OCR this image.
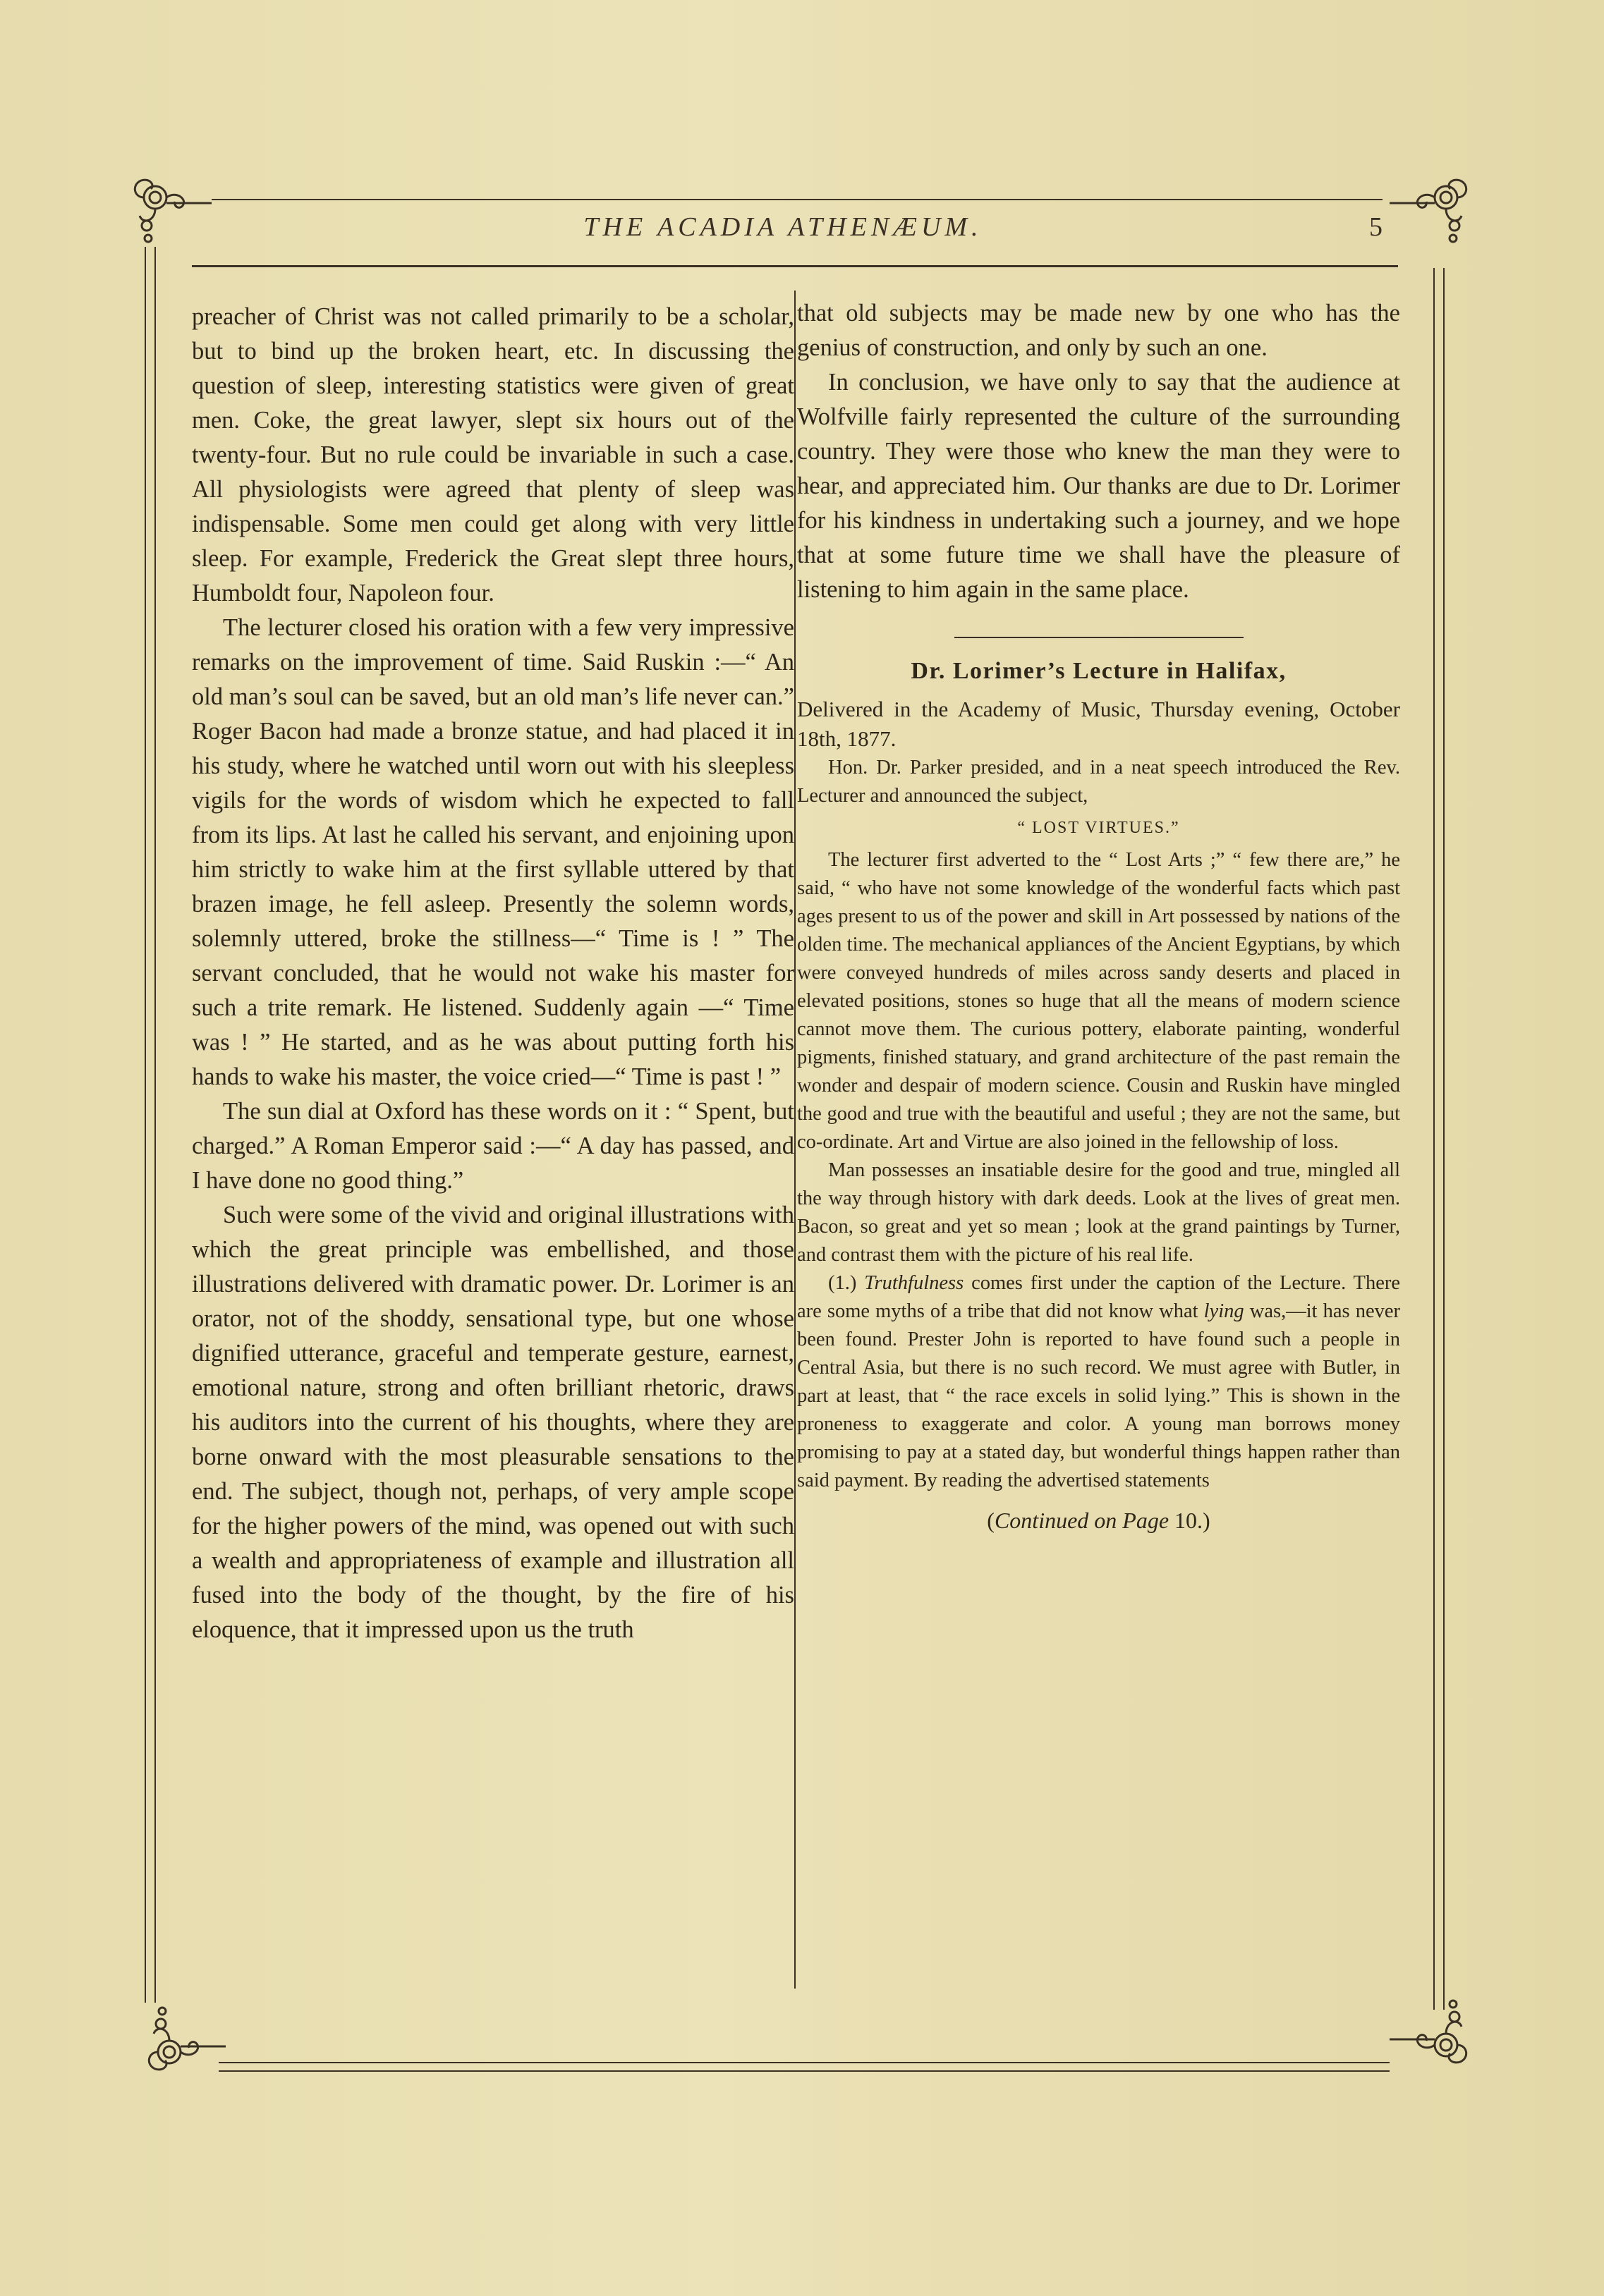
THE ACADIA ATHENÆUM.	5

preacher of Christ was not called primarily to be a scholar, but to bind up the broken heart, etc. In discussing the question of sleep, interesting statistics were given of great men. Coke, the great lawyer, slept six hours out of the twenty-four. But no rule could be invariable in such a case. All physiologists were agreed that plenty of sleep was indispensable. Some men could get along with very little sleep. For example, Frederick the Great slept three hours, Humboldt four, Napoleon four.

The lecturer closed his oration with a few very impressive remarks on the improvement of time. Said Ruskin :—“ An old man’s soul can be saved, but an old man’s life never can.” Roger Bacon had made a bronze statue, and had placed it in his study, where he watched until worn out with his sleepless vigils for the words of wisdom which he expected to fall from its lips. At last he called his servant, and enjoining upon him strictly to wake him at the first syllable uttered by that brazen image, he fell asleep. Presently the solemn words, solemnly uttered, broke the stillness—“ Time is ! ” The servant concluded, that he would not wake his master for such a trite remark. He listened. Suddenly again —“ Time was ! ” He started, and as he was about putting forth his hands to wake his master, the voice cried—“ Time is past ! ”

The sun dial at Oxford has these words on it : “ Spent, but charged.” A Roman Emperor said :—“ A day has passed, and I have done no good thing.”

Such were some of the vivid and original illustrations with which the great principle was embellished, and those illustrations delivered with dramatic power. Dr. Lorimer is an orator, not of the shoddy, sensational type, but one whose dignified utterance, graceful and temperate gesture, earnest, emotional nature, strong and often brilliant rhetoric, draws his auditors into the current of his thoughts, where they are borne onward with the most pleasurable sensations to the end. The subject, though not, perhaps, of very ample scope for the higher powers of the mind, was opened out with such a wealth and appropriateness of example and illustration all fused into the body of the thought, by the fire of his eloquence, that it impressed upon us the truth

that old subjects may be made new by one who has the genius of construction, and only by such an one.

In conclusion, we have only to say that the audience at Wolfville fairly represented the culture of the surrounding country. They were those who knew the man they were to hear, and appreciated him. Our thanks are due to Dr. Lorimer for his kindness in undertaking such a journey, and we hope that at some future time we shall have the pleasure of listening to him again in the same place.

Dr. Lorimer’s Lecture in Halifax,

Delivered in the Academy of Music, Thursday evening, October 18th, 1877.

Hon. Dr. Parker presided, and in a neat speech introduced the Rev. Lecturer and announced the subject,

“ LOST VIRTUES.”

The lecturer first adverted to the “ Lost Arts ;” “ few there are,” he said, “ who have not some knowledge of the wonderful facts which past ages present to us of the power and skill in Art possessed by nations of the olden time. The mechanical appliances of the Ancient Egyptians, by which were conveyed hundreds of miles across sandy deserts and placed in elevated positions, stones so huge that all the means of modern science cannot move them. The curious pottery, elaborate painting, wonderful pigments, finished statuary, and grand architecture of the past remain the wonder and despair of modern science. Cousin and Ruskin have mingled the good and true with the beautiful and useful ; they are not the same, but co-ordinate. Art and Virtue are also joined in the fellowship of loss.

Man possesses an insatiable desire for the good and true, mingled all the way through history with dark deeds. Look at the lives of great men. Bacon, so great and yet so mean ; look at the grand paintings by Turner, and contrast them with the picture of his real life.

(1.) Truthfulness comes first under the caption of the Lecture. There are some myths of a tribe that did not know what lying was,—it has never been found. Prester John is reported to have found such a people in Central Asia, but there is no such record. We must agree with Butler, in part at least, that “ the race excels in solid lying.” This is shown in the proneness to exaggerate and color. A young man borrows money promising to pay at a stated day, but wonderful things happen rather than said payment. By reading the advertised statements

(Continued on Page 10.)
